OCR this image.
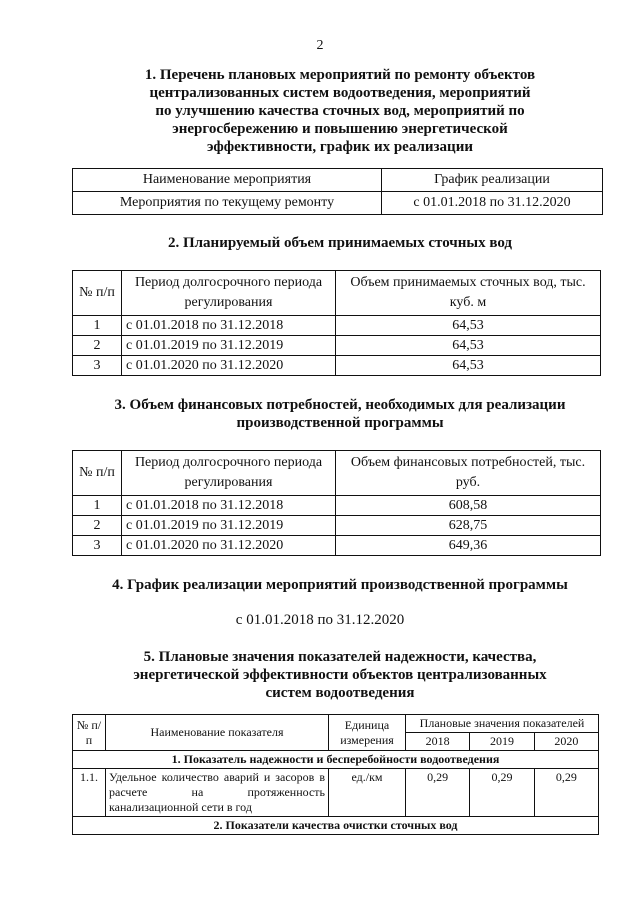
2
1. Перечень плановых мероприятий по ремонту объектов
централизованных систем водоотведения, мероприятий
по улучшению качества сточных вод, мероприятий по
энергосбережению и повышению энергетической
эффективности, график их реализации
Наименование мероприятия	График реализации
Мероприятия по текущему ремонту	с 01.01.2018 по 31.12.2020
2. Планируемый объем принимаемых сточных вод
№ п/п	Период долгосрочного периода регулирования	Объем принимаемых сточных вод, тыс. куб. м
1	с 01.01.2018 по 31.12.2018	64,53
2	с 01.01.2019 по 31.12.2019	64,53
3	с 01.01.2020 по 31.12.2020	64,53
3. Объем финансовых потребностей, необходимых для реализации
производственной программы
№ п/п	Период долгосрочного периода регулирования	Объем финансовых потребностей, тыс. руб.
1	с 01.01.2018 по 31.12.2018	608,58
2	с 01.01.2019 по 31.12.2019	628,75
3	с 01.01.2020 по 31.12.2020	649,36
4. График реализации мероприятий производственной программы
с 01.01.2018 по 31.12.2020
5. Плановые значения показателей надежности, качества,
энергетической эффективности объектов централизованных
систем водоотведения
№ п/п	Наименование показателя	Единица измерения	Плановые значения показателей		
			2018	2019	2020
1. Показатель надежности и бесперебойности водоотведения					
1.1.	Удельное количество аварий и засоров в расчете на протяженность канализационной сети в год	ед./км	0,29	0,29	0,29
2. Показатели качества очистки сточных вод					
